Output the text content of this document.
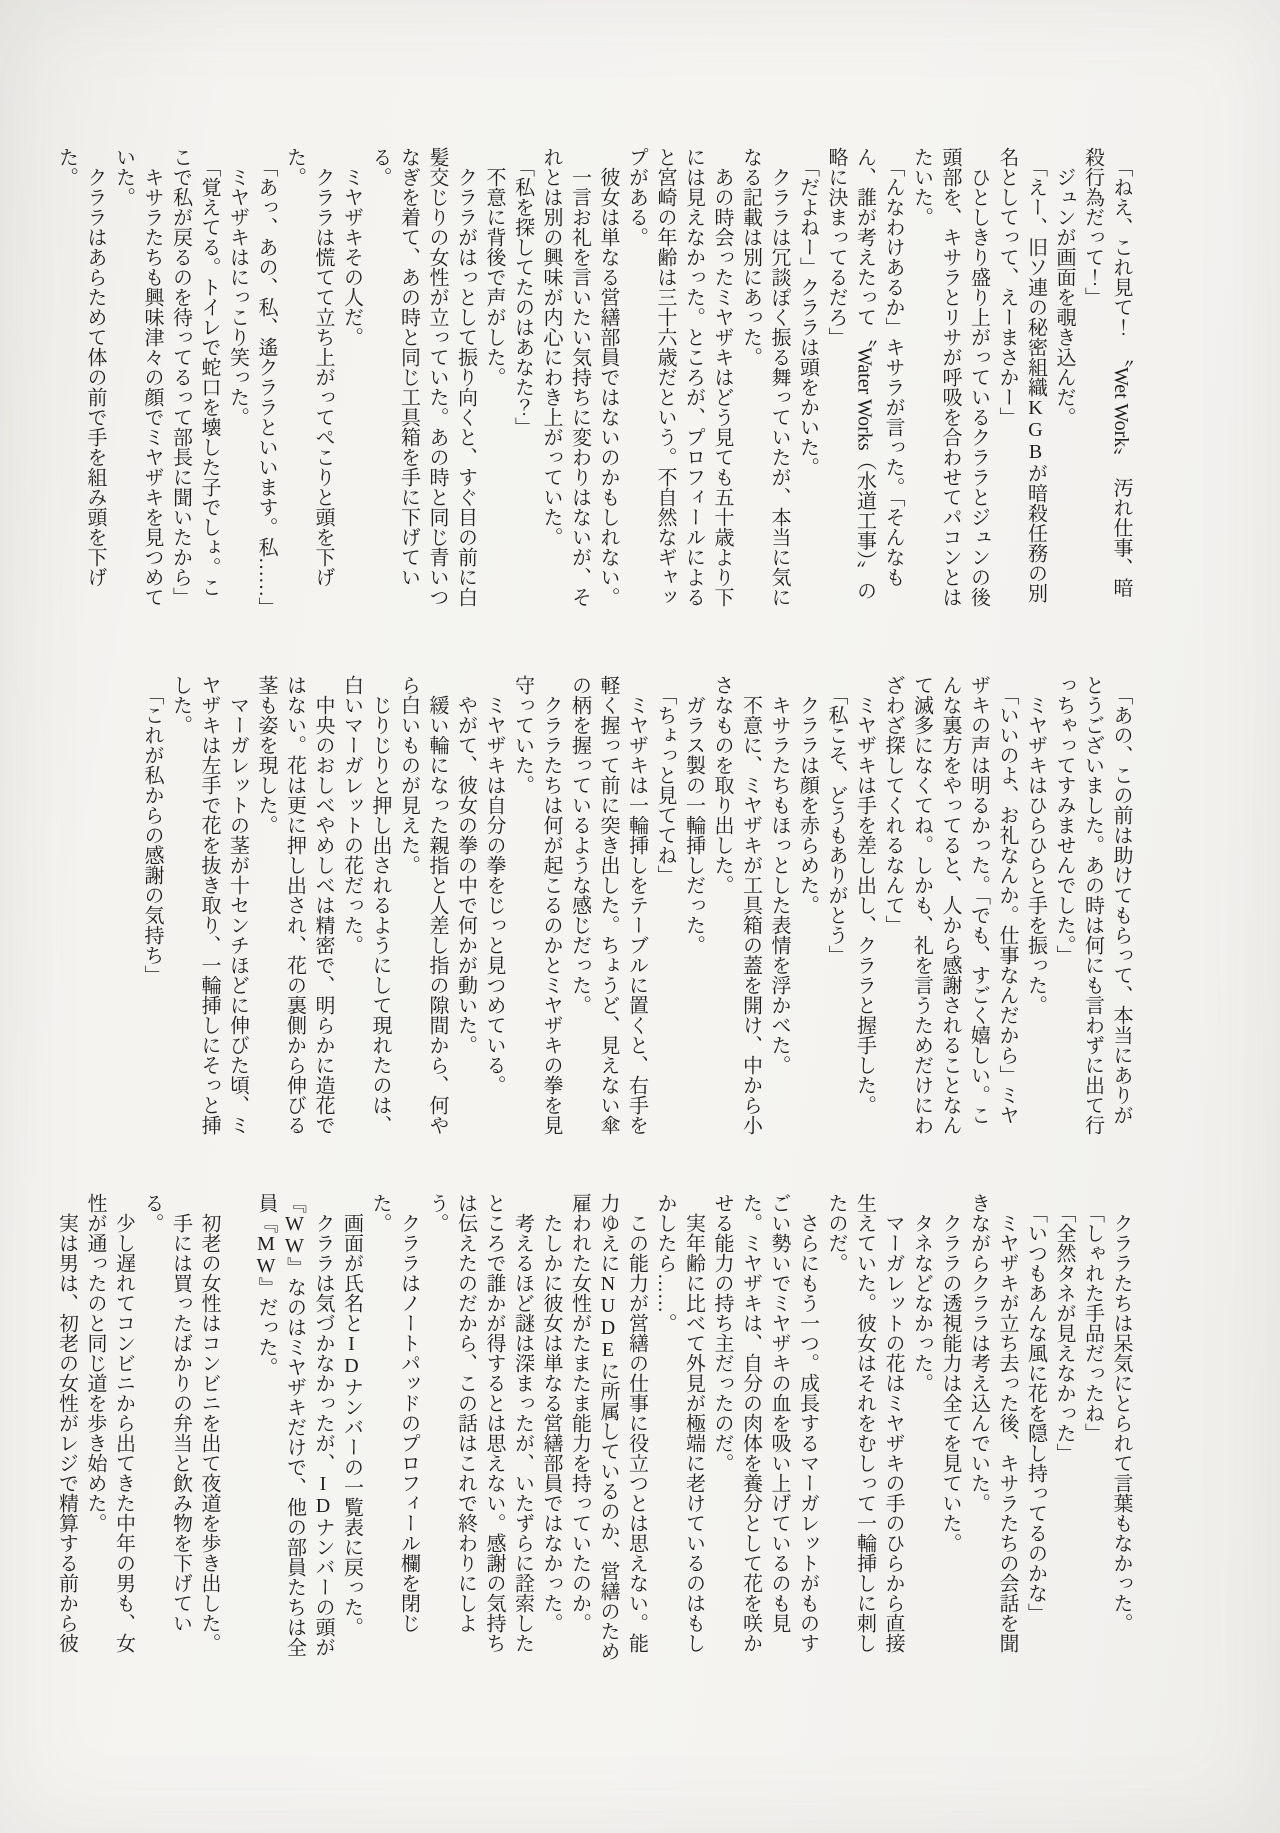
「ねえ、これ見て！　〝Wet Work〟　汚れ仕事、暗殺行為だって！」

ジュンが画面を覗き込んだ。

「えー、旧ソ連の秘密組織KGBが暗殺任務の別名としてって、えーまさかー」

ひとしきり盛り上がっているクララとジュンの後頭部を、キサラとリサが呼吸を合わせてパコンとはたいた。

「んなわけあるか」キサラが言った。「そんなもん、誰が考えたって〝Water Works（水道工事）〟の略に決まってるだろ」

「だよねー」クララは頭をかいた。

クララは冗談ぽく振る舞っていたが、本当に気になる記載は別にあった。

あの時会ったミヤザキはどう見ても五十歳より下には見えなかった。ところが、プロフィールによると宮崎の年齢は三十六歳だという。不自然なギャップがある。

彼女は単なる営繕部員ではないのかもしれない。

一言お礼を言いたい気持ちに変わりはないが、それとは別の興味が内心にわき上がっていた。

「私を探してたのはあなた？」

不意に背後で声がした。

クララがはっとして振り向くと、すぐ目の前に白髪交じりの女性が立っていた。あの時と同じ青いつなぎを着て、あの時と同じ工具箱を手に下げている。

ミヤザキその人だ。

クララは慌てて立ち上がってぺこりと頭を下げた。

「あっ、あの、私、遙クララといいます。私……」

ミヤザキはにっこり笑った。

「覚えてる。トイレで蛇口を壊した子でしょ。ここで私が戻るのを待ってるって部長に聞いたから」

キサラたちも興味津々の顔でミヤザキを見つめていた。

クララはあらためて体の前で手を組み頭を下げた。

「あの、この前は助けてもらって、本当にありがとうございました。あの時は何にも言わずに出て行っちゃってすみませんでした。」

ミヤザキはひらひらと手を振った。

「いいのよ、お礼なんか。仕事なんだから」ミヤザキの声は明るかった。「でも、すごく嬉しい。こんな裏方をやってると、人から感謝されることなんて滅多になくてね。しかも、礼を言うためだけにわざわざ探してくれるなんて」

ミヤザキは手を差し出し、クララと握手した。

「私こそ、どうもありがとう」

クララは顔を赤らめた。

キサラたちもほっとした表情を浮かべた。

不意に、ミヤザキが工具箱の蓋を開け、中から小さなものを取り出した。

ガラス製の一輪挿しだった。

「ちょっと見ててね」

ミヤザキは一輪挿しをテーブルに置くと、右手を軽く握って前に突き出した。ちょうど、見えない傘の柄を握っているような感じだった。

クララたちは何が起こるのかとミヤザキの拳を見守っていた。

ミヤザキは自分の拳をじっと見つめている。

やがて、彼女の拳の中で何かが動いた。

緩い輪になった親指と人差し指の隙間から、何やら白いものが見えた。

じりじりと押し出されるようにして現れたのは、白いマーガレットの花だった。

中央のおしべやめしべは精密で、明らかに造花ではない。花は更に押し出され、花の裏側から伸びる茎も姿を現した。

マーガレットの茎が十センチほどに伸びた頃、ミヤザキは左手で花を抜き取り、一輪挿しにそっと挿した。

「これが私からの感謝の気持ち」

クララたちは呆気にとられて言葉もなかった。

「しゃれた手品だったね」

「全然タネが見えなかった」

「いつもあんな風に花を隠し持ってるのかな」

ミヤザキが立ち去った後、キサラたちの会話を聞きながらクララは考え込んでいた。

クララの透視能力は全てを見ていた。

タネなどなかった。

マーガレットの花はミヤザキの手のひらから直接生えていた。彼女はそれをむしって一輪挿しに刺したのだ。

さらにもう一つ。成長するマーガレットがものすごい勢いでミヤザキの血を吸い上げているのも見た。ミヤザキは、自分の肉体を養分として花を咲かせる能力の持ち主だったのだ。

実年齢に比べて外見が極端に老けているのはもしかしたら……。

この能力が営繕の仕事に役立つとは思えない。能力ゆえにNUDEに所属しているのか、営繕のため雇われた女性がたまたま能力を持っていたのか。

たしかに彼女は単なる営繕部員ではなかった。

考えるほど謎は深まったが、いたずらに詮索したところで誰かが得するとは思えない。感謝の気持ちは伝えたのだから、この話はこれで終わりにしよう。

クララはノートパッドのプロフィール欄を閉じた。

画面が氏名とIDナンバーの一覧表に戻った。

クララは気づかなかったが、IDナンバーの頭が『WW』なのはミヤザキだけで、他の部員たちは全員『MW』だった。

初老の女性はコンビニを出て夜道を歩き出した。

手には買ったばかりの弁当と飲み物を下げている。

少し遅れてコンビニから出てきた中年の男も、女性が通ったのと同じ道を歩き始めた。

実は男は、初老の女性がレジで精算する前から彼
